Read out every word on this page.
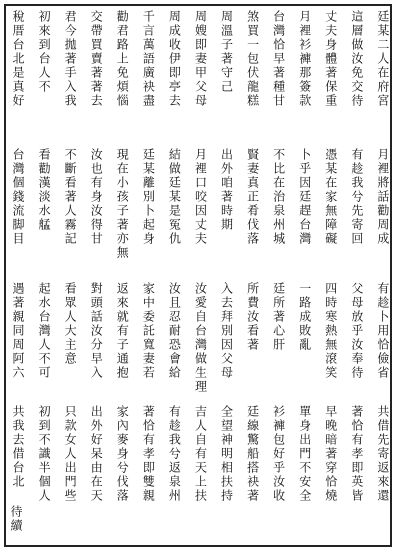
廷某二人在府宮
這層做汝免交待
丈夫身體著保重
月裡衫褲那簽款
台灣恰早著種甘
煞買一包伏龍糕
周溫子著守己
周嫂即妻甲父母
周成收伊即亭去
千言萬語廣袂盡
勸君路上免煩惱
交帶買賣著著去
君今拋著手入我
初來到台人不
稅厝台北是真好
月裡將話勸周成
有趁我兮先寄回
憑某在家無障礙
卜乎因廷趕台灣
不比在治泉州城
賢妻真正肴伐落
出外咱著時期
月裡口咬因丈夫
結做廷某是冤仇
廷某離別卜起身
現在小孩子著亦無
汝也有身汝得甘
不斷看著人霧記
看勸漢淡水艋
台灣個錢流脚目
有趁卜用恰儉省
父母放乎汝奉待
四時寒熱無滾笑
一路成敗亂
廷所著心肝
所費汝看著
入去拜別因父母
汝愛自台灣做生理
汝且忍耐恐會給
家中委託寬妻若
返來就有子通抱
對頭話汝分早入
看眾人大主意
起水台灣人不可
遇著親同周阿六
共借先寄返來還
著恰有孝即英皆
早晚暗著穿恰燒
單身出門不安全
衫褲包好乎汝收
廷線驚船搭袂著
全望神明相扶持
吉人自有天上扶
有趁我兮返泉州
著恰有孝即雙親
家內麥身兮伐落
出外好呆由在天
只款女人出門些
初到不識半個人
共我去借台北
待續
